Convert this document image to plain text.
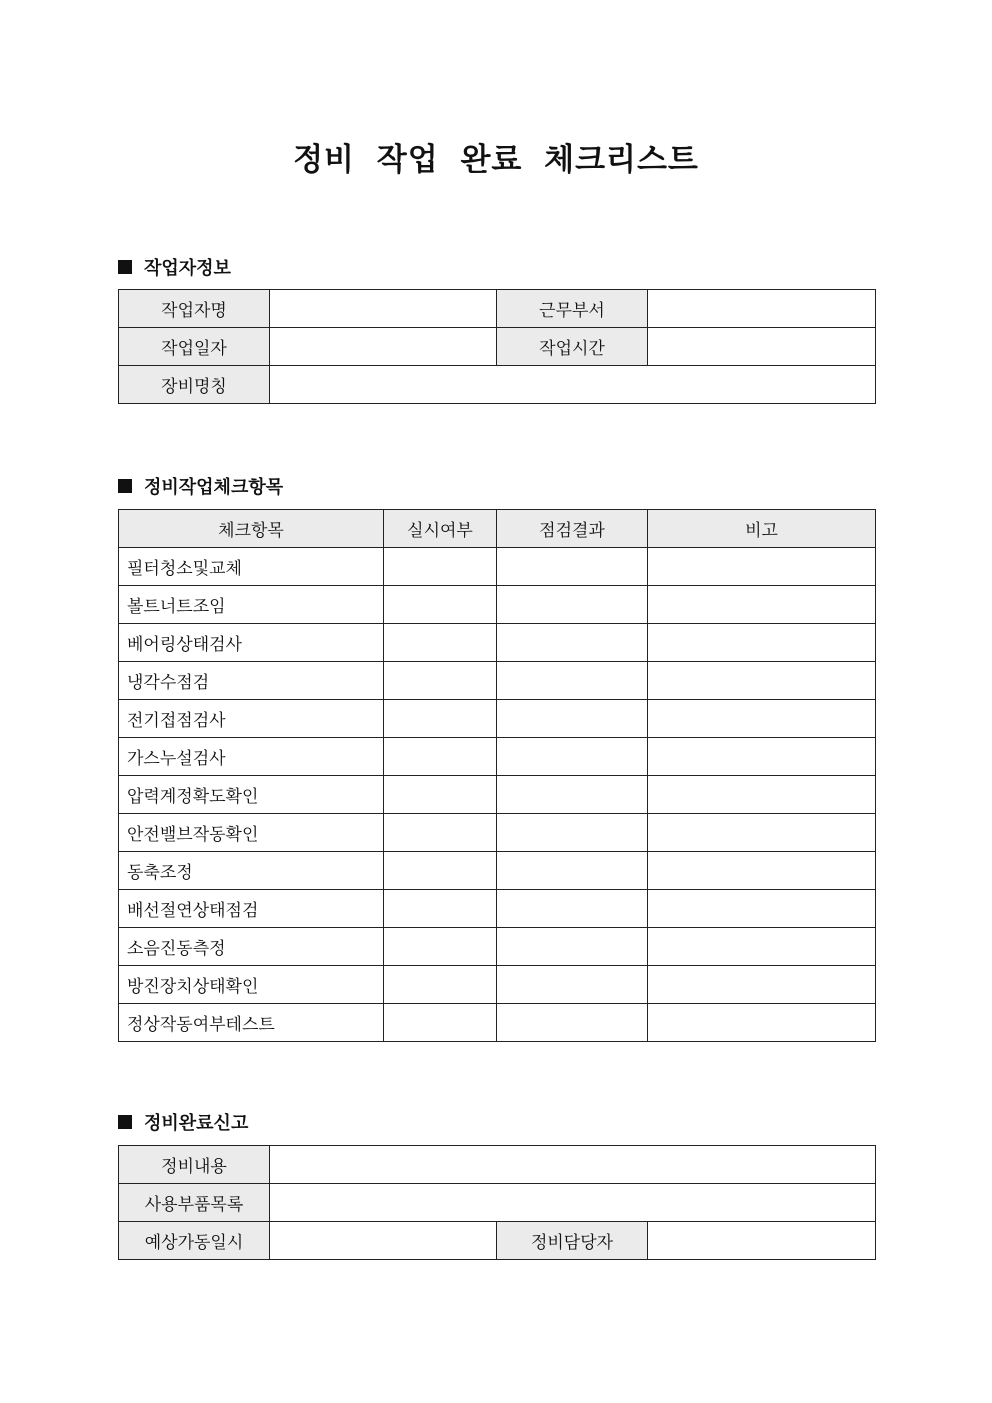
정비 작업 완료 체크리스트
작업자정보
작업자명		근무부서	
작업일자		작업시간	
장비명칭			
정비작업체크항목
체크항목	실시여부	점검결과	비고
필터청소및교체			
볼트너트조임			
베어링상태검사			
냉각수점검			
전기접점검사			
가스누설검사			
압력계정확도확인			
안전밸브작동확인			
동축조정			
배선절연상태점검			
소음진동측정			
방진장치상태확인			
정상작동여부테스트			
정비완료신고
정비내용			
사용부품목록			
예상가동일시		정비담당자	
